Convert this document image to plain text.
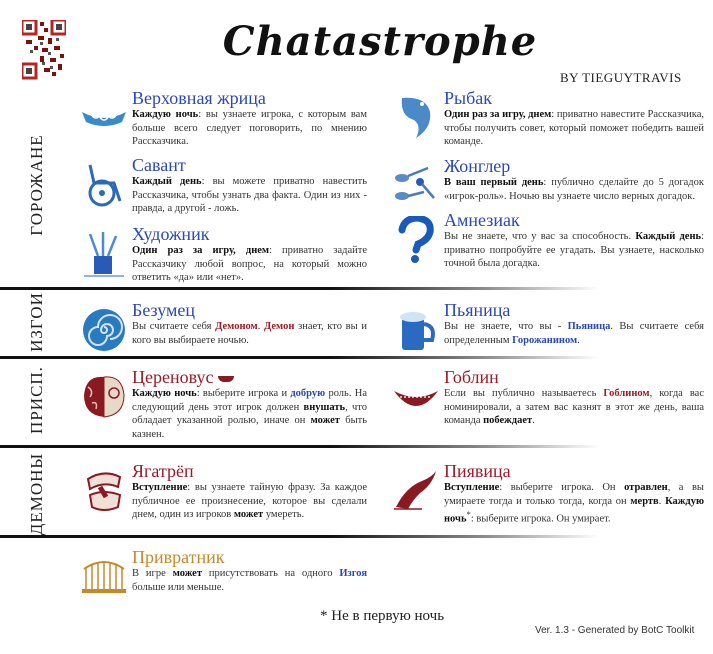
Chatastrophe
BY TIEGUYTRAVIS
ГОРОЖАНЕ
ИЗГОИ
ПРИСП.
ДЕМОНЫ
Верховная жрица
Каждую ночь: вы узнаете игрока, с которым вам больше всего следует поговорить, по мнению Рассказчика.
Савант
Каждый день: вы можете приватно навестить Рассказчика, чтобы узнать два факта. Один из них - правда, а другой - ложь.
Художник
Один раз за игру, днем: приватно задайте Рассказчику любой вопрос, на который можно ответить «да» или «нет».
Рыбак
Один раз за игру, днем: приватно навестите Рассказчика, чтобы получить совет, который поможет победить вашей команде.
Жонглер
В ваш первый день: публично сделайте до 5 догадок «игрок-роль». Ночью вы узнаете число верных догадок.
Амнезиак
Вы не знаете, что у вас за способность. Каждый день: приватно попробуйте ее угадать. Вы узнаете, насколько точной была догадка.
Безумец
Вы считаете себя Демоном. Демон знает, кто вы и кого вы выбираете ночью.
Пьяница
Вы не знаете, что вы - Пьяница. Вы считаете себя определенным Горожанином.
Цереновус
Каждую ночь: выберите игрока и добрую роль. На следующий день этот игрок должен внушать, что обладает указанной ролью, иначе он может быть казнен.
Гоблин
Если вы публично называетесь Гоблином, когда вас номинировали, а затем вас казнят в этот же день, ваша команда побеждает.
Ягатрёп
Вступление: вы узнаете тайную фразу. За каждое публичное ее произнесение, которое вы сделали днем, один из игроков может умереть.
Пиявица
Вступление: выберите игрока. Он отравлен, а вы умираете тогда и только тогда, когда он мертв. Каждую ночь*: выберите игрока. Он умирает.
Привратник
В игре может присутствовать на одного Изгоя больше или меньше.
* Не в первую ночь
Ver. 1.3 - Generated by BotC Toolkit
